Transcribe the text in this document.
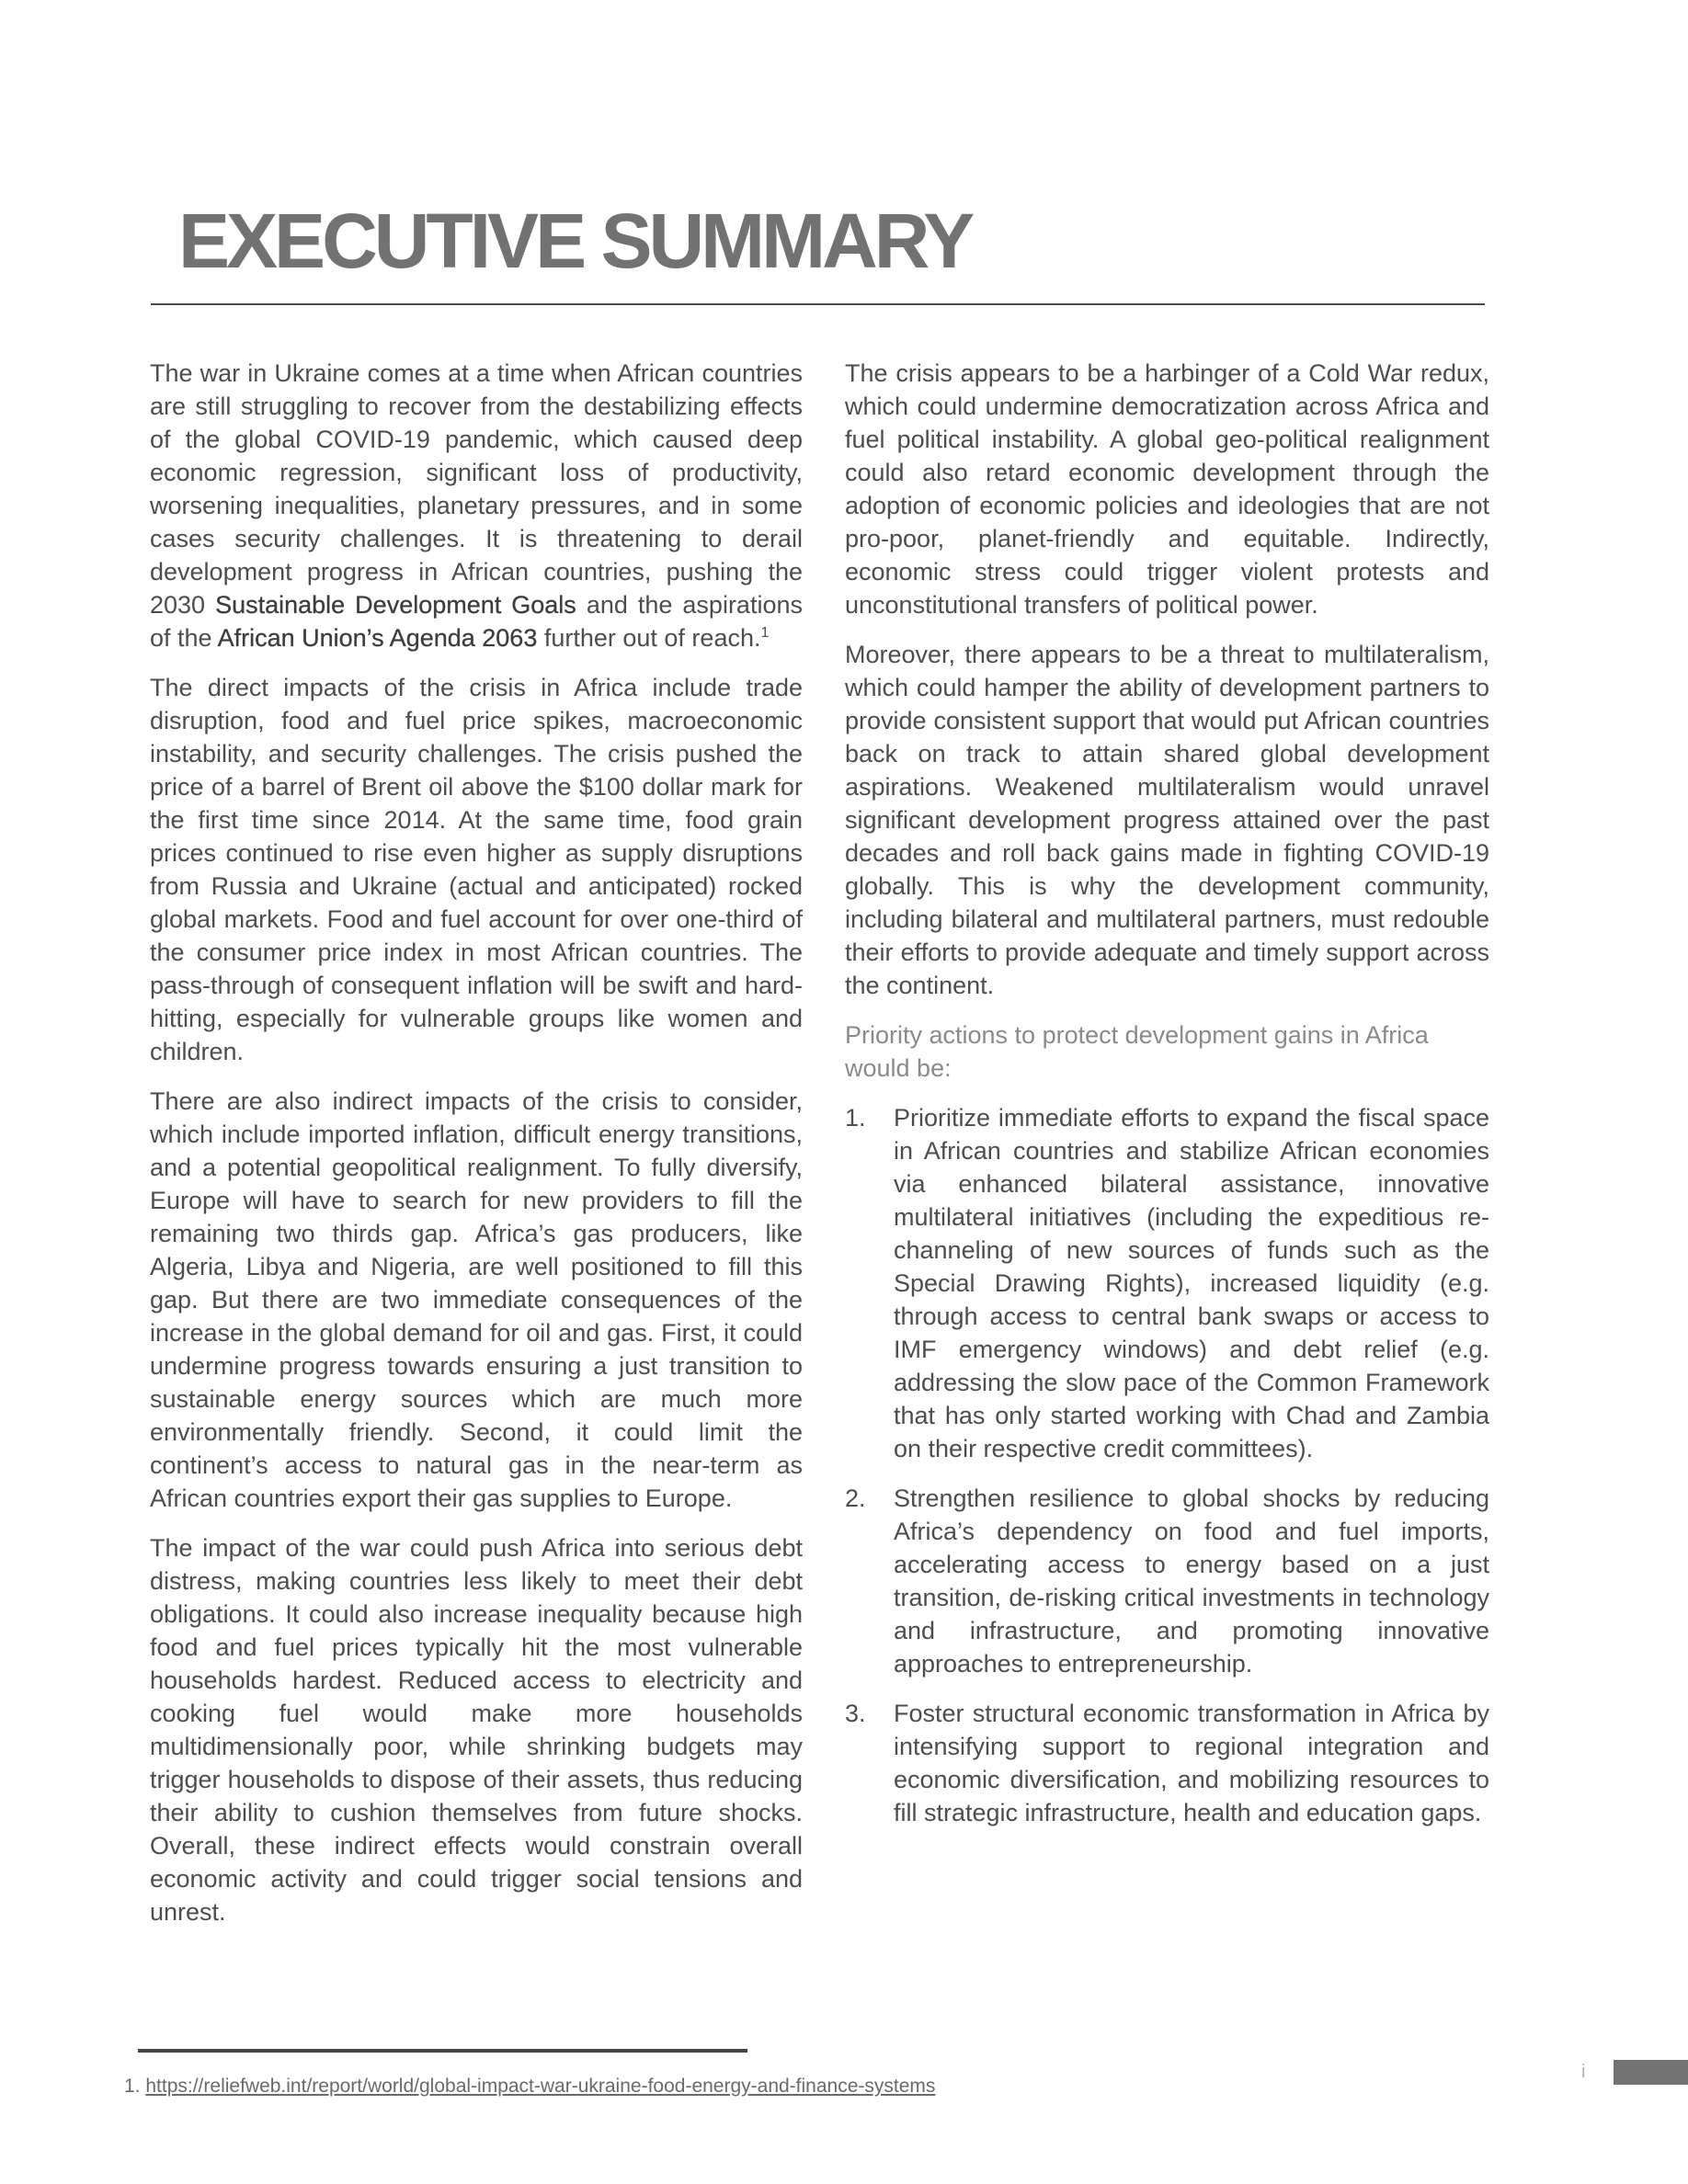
EXECUTIVE SUMMARY

The war in Ukraine comes at a time when African countries are still struggling to recover from the destabilizing effects of the global COVID-19 pandemic, which caused deep economic regression, significant loss of productivity, worsening inequalities, planetary pressures, and in some cases security challenges. It is threatening to derail development progress in African countries, pushing the 2030 Sustainable Development Goals and the aspirations of the African Union’s Agenda 2063 further out of reach.$^1$

The direct impacts of the crisis in Africa include trade disruption, food and fuel price spikes, macroeconomic instability, and security challenges. The crisis pushed the price of a barrel of Brent oil above the $100 dollar mark for the first time since 2014. At the same time, food grain prices continued to rise even higher as supply disruptions from Russia and Ukraine (actual and anticipated) rocked global markets. Food and fuel account for over one-third of the consumer price index in most African countries. The pass-through of consequent inflation will be swift and hard-hitting, especially for vulnerable groups like women and children.

There are also indirect impacts of the crisis to consider, which include imported inflation, difficult energy transitions, and a potential geopolitical realignment. To fully diversify, Europe will have to search for new providers to fill the remaining two thirds gap. Africa’s gas producers, like Algeria, Libya and Nigeria, are well positioned to fill this gap. But there are two immediate consequences of the increase in the global demand for oil and gas. First, it could undermine progress towards ensuring a just transition to sustainable energy sources which are much more environmentally friendly. Second, it could limit the continent’s access to natural gas in the near-term as African countries export their gas supplies to Europe.

The impact of the war could push Africa into serious debt distress, making countries less likely to meet their debt obligations. It could also increase inequality because high food and fuel prices typically hit the most vulnerable households hardest. Reduced access to electricity and cooking fuel would make more households multidimensionally poor, while shrinking budgets may trigger households to dispose of their assets, thus reducing their ability to cushion themselves from future shocks. Overall, these indirect effects would constrain overall economic activity and could trigger social tensions and unrest.

The crisis appears to be a harbinger of a Cold War redux, which could undermine democratization across Africa and fuel political instability. A global geo-political realignment could also retard economic development through the adoption of economic policies and ideologies that are not pro-poor, planet-friendly and equitable. Indirectly, economic stress could trigger violent protests and unconstitutional transfers of political power.

Moreover, there appears to be a threat to multilateralism, which could hamper the ability of development partners to provide consistent support that would put African countries back on track to attain shared global development aspirations. Weakened multilateralism would unravel significant development progress attained over the past decades and roll back gains made in fighting COVID-19 globally. This is why the development community, including bilateral and multilateral partners, must redouble their efforts to provide adequate and timely support across the continent.

Priority actions to protect development gains in Africa would be:

1. Prioritize immediate efforts to expand the fiscal space in African countries and stabilize African economies via enhanced bilateral assistance, innovative multilateral initiatives (including the expeditious re-channeling of new sources of funds such as the Special Drawing Rights), increased liquidity (e.g. through access to central bank swaps or access to IMF emergency windows) and debt relief (e.g. addressing the slow pace of the Common Framework that has only started working with Chad and Zambia on their respective credit committees).
2. Strengthen resilience to global shocks by reducing Africa’s dependency on food and fuel imports, accelerating access to energy based on a just transition, de-risking critical investments in technology and infrastructure, and promoting innovative approaches to entrepreneurship.
3. Foster structural economic transformation in Africa by intensifying support to regional integration and economic diversification, and mobilizing resources to fill strategic infrastructure, health and education gaps.
1. https://reliefweb.int/report/world/global-impact-war-ukraine-food-energy-and-finance-systems
i
